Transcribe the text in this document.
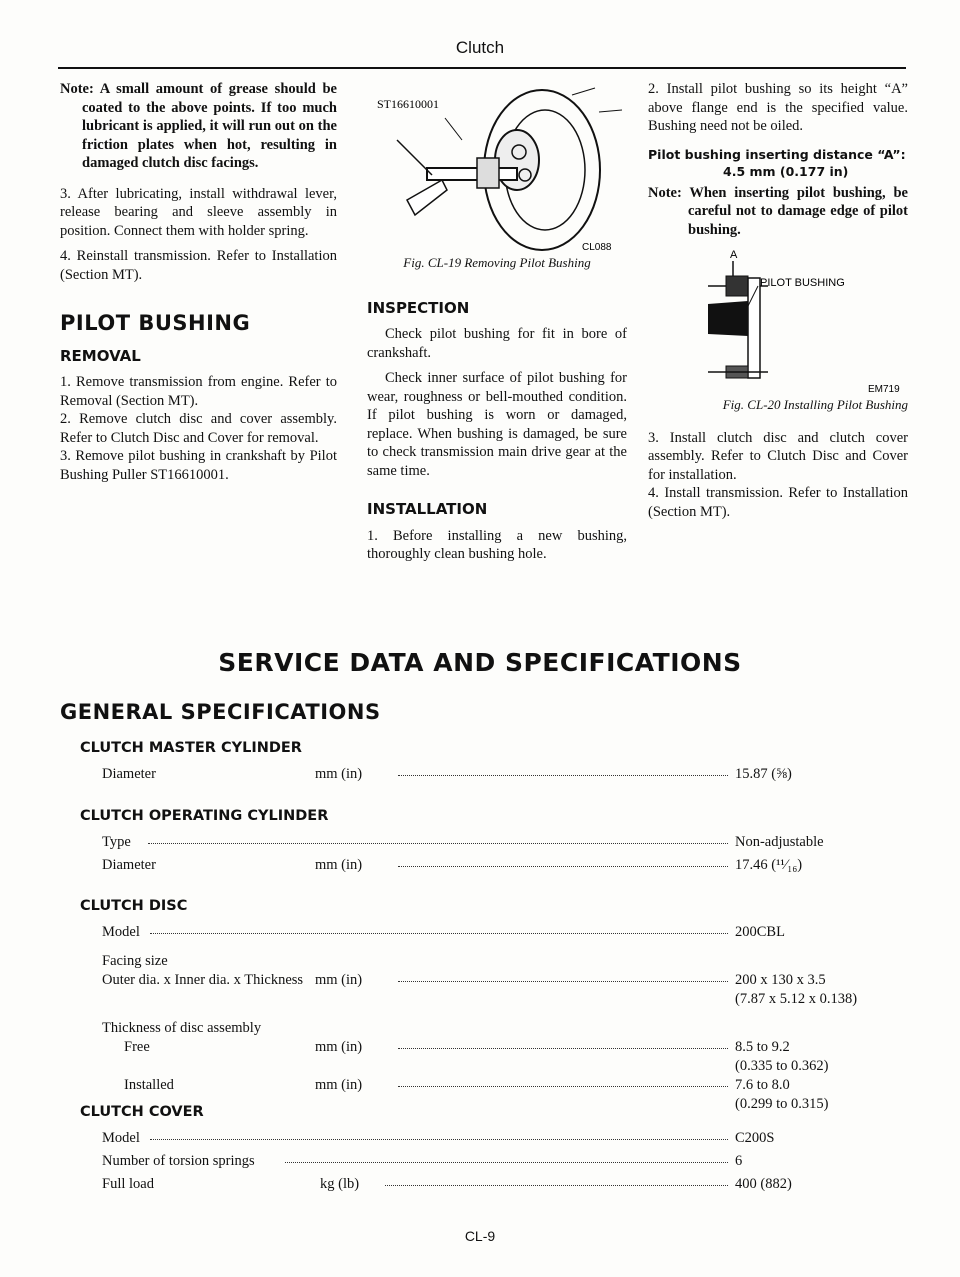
Clutch

Note: A small amount of grease should be coated to the above points. If too much lubricant is applied, it will run out on the friction plates when hot, resulting in damaged clutch disc facings.

3. After lubricating, install withdrawal lever, release bearing and sleeve assembly in position. Connect them with holder spring.

4. Reinstall transmission. Refer to Installation (Section MT).

PILOT BUSHING
REMOVAL

1. Remove transmission from engine. Refer to Removal (Section MT).

2. Remove clutch disc and cover assembly. Refer to Clutch Disc and Cover for removal.

3. Remove pilot bushing in crankshaft by Pilot Bushing Puller ST16610001.

ST16610001
CL088
Fig. CL-19 Removing Pilot Bushing
INSPECTION

Check pilot bushing for fit in bore of crankshaft.

Check inner surface of pilot bushing for wear, roughness or bell-mouthed condition. If pilot bushing is worn or damaged, replace. When bushing is damaged, be sure to check transmission main drive gear at the same time.

INSTALLATION

1. Before installing a new bushing, thoroughly clean bushing hole.

2. Install pilot bushing so its height “A” above flange end is the specified value. Bushing need not be oiled.

Pilot bushing inserting distance “A”:
4.5 mm (0.177 in)

Note: When inserting pilot bushing, be careful not to damage edge of pilot bushing.

A
PILOT BUSHING
EM719
Fig. CL-20 Installing Pilot Bushing

3. Install clutch disc and clutch cover assembly. Refer to Clutch Disc and Cover for installation.

4. Install transmission. Refer to Installation (Section MT).

SERVICE DATA AND SPECIFICATIONS
GENERAL SPECIFICATIONS
CLUTCH MASTER CYLINDER
Diameter	mm (in)	15.87 (⅝)
CLUTCH OPERATING CYLINDER
Type	Non-adjustable
Diameter	mm (in)	17.46 (¹¹⁄₁₆)
CLUTCH DISC
Model	200CBL
Facing size
Outer dia. x Inner dia. x Thickness mm (in)	200 x 130 x 3.5
(7.87 x 5.12 x 0.138)
Thickness of disc assembly
Free	mm (in)	8.5 to 9.2
(0.335 to 0.362)
Installed	mm (in)	7.6 to 8.0
(0.299 to 0.315)
CLUTCH COVER
Model	C200S
Number of torsion springs	6
Full load	kg (lb)	400 (882)
CL-9
